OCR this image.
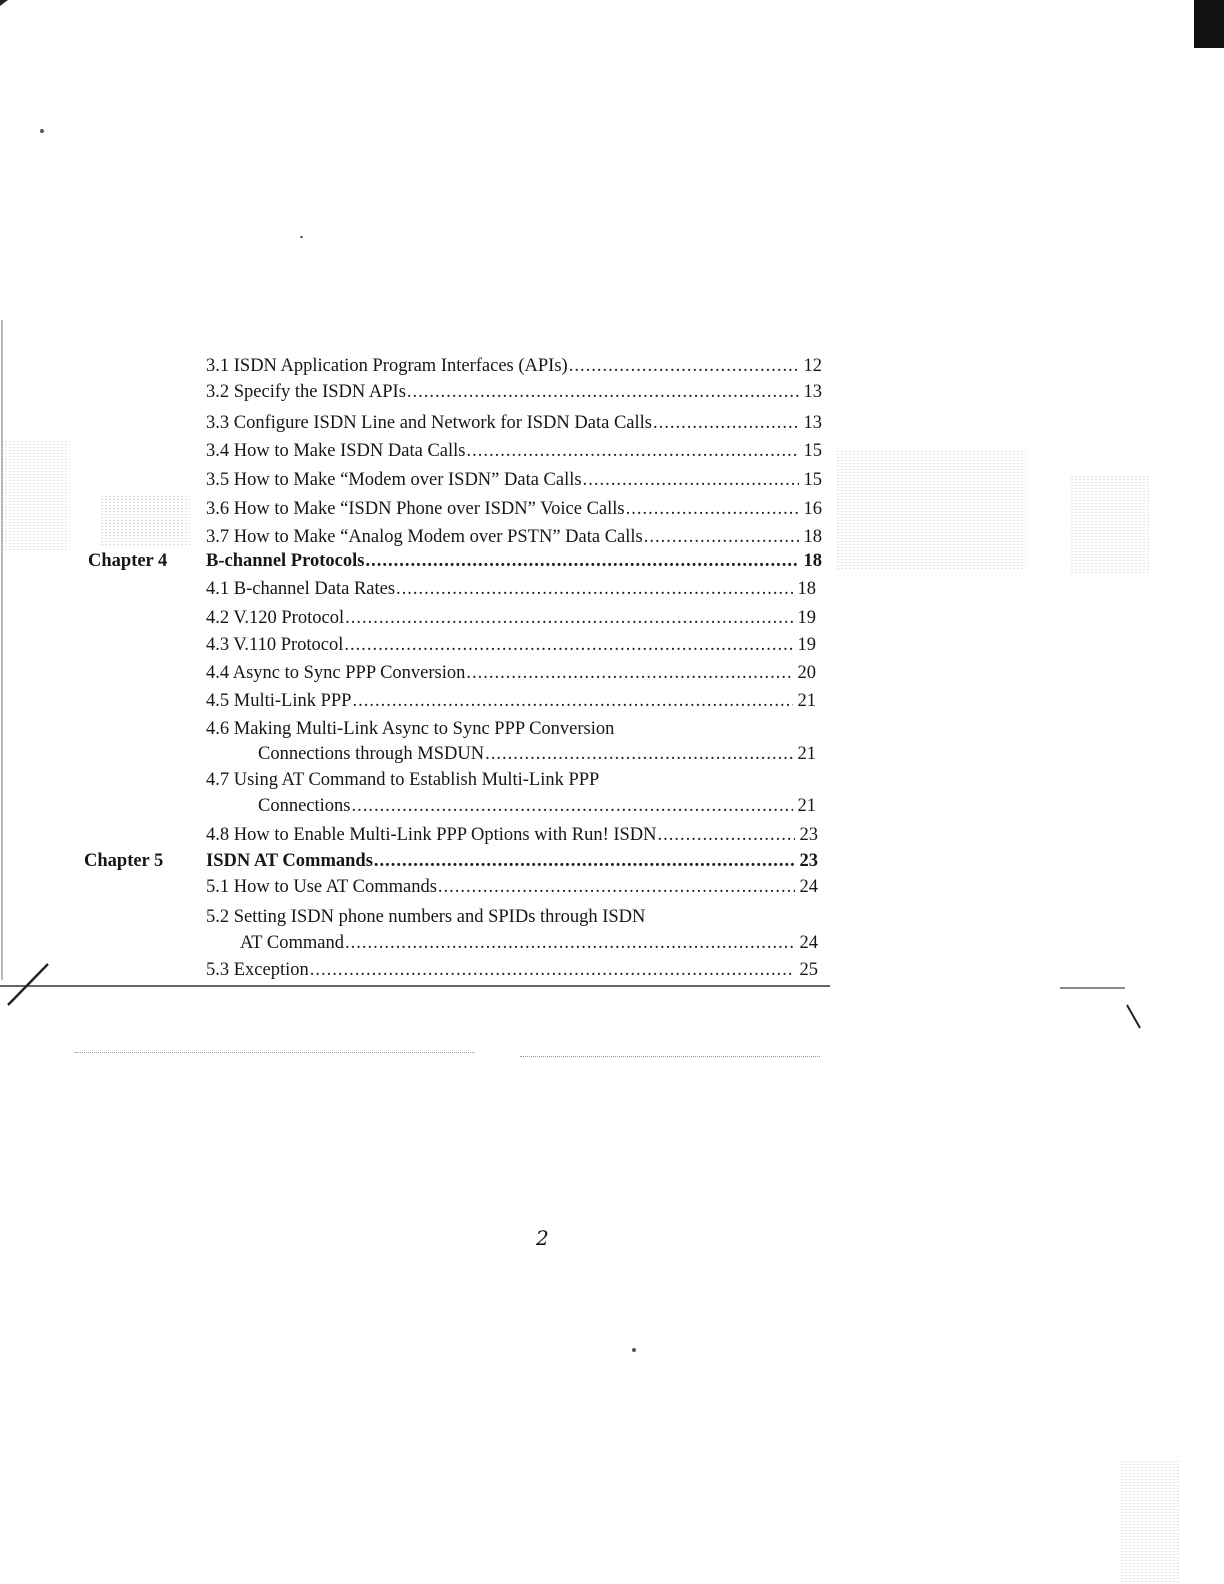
3.1 ISDN Application Program Interfaces (APIs) .....	12
3.2 Specify the ISDN APIs .....	13
3.3 Configure ISDN Line and Network for ISDN Data Calls .....	13
3.4 How to Make ISDN Data Calls .....	15
3.5 How to Make “Modem over ISDN” Data Calls .....	15
3.6 How to Make “ISDN Phone over ISDN” Voice Calls .....	16
3.7 How to Make “Analog Modem over PSTN” Data Calls .....	18
Chapter 4 B-channel Protocols .....	18
4.1 B-channel Data Rates .....	18
4.2 V.120 Protocol .....	19
4.3 V.110 Protocol .....	19
4.4 Async to Sync PPP Conversion .....	20
4.5 Multi-Link PPP .....	21
4.6 Making Multi-Link Async to Sync PPP Conversion
Connections through MSDUN .....	21
4.7 Using AT Command to Establish Multi-Link PPP
Connections .....	21
4.8 How to Enable Multi-Link PPP Options with Run! ISDN .....	23
Chapter 5 ISDN AT Commands .....	23
5.1 How to Use AT Commands .....	24
5.2 Setting ISDN phone numbers and SPIDs through ISDN
AT Command .....	24
5.3 Exception .....	25
2
